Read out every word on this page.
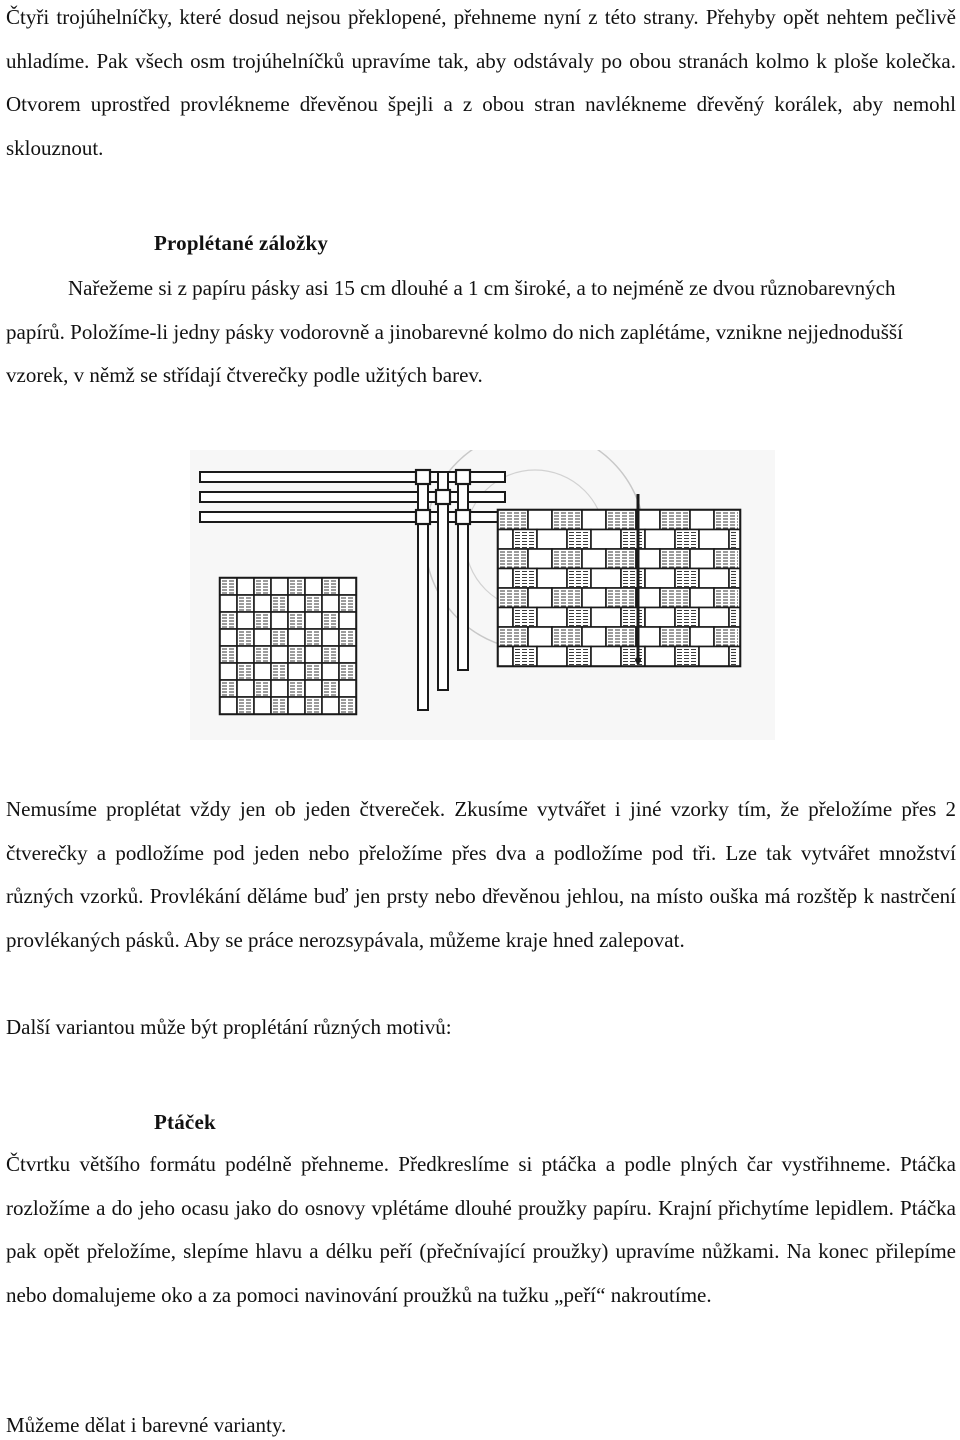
Čtyři trojúhelníčky, které dosud nejsou překlopené, přehneme nyní z této strany. Přehyby opět nehtem pečlivě uhladíme. Pak všech osm trojúhelníčků upravíme tak, aby odstávaly po obou stranách kolmo k ploše kolečka. Otvorem uprostřed provlékneme dřevěnou špejli a z obou stran navlékneme dřevěný korálek, aby nemohl sklouznout.

Proplétané záložky

Nařežeme si z papíru pásky asi 15 cm dlouhé a 1 cm široké, a to nejméně ze dvou různobarevných papírů. Položíme-li jedny pásky vodorovně a jinobarevné kolmo do nich zaplétáme, vznikne nejjednodušší vzorek, v němž se střídají čtverečky podle užitých barev.

Nemusíme proplétat vždy jen ob jeden čtvereček. Zkusíme vytvářet i jiné vzorky tím, že přeložíme přes 2 čtverečky a podložíme pod jeden nebo přeložíme přes dva a podložíme pod tři. Lze tak vytvářet množství různých vzorků. Provlékání děláme buď jen prsty nebo dřevěnou jehlou, na místo ouška má rozštěp k nastrčení provlékaných pásků. Aby se práce nerozsypávala, můžeme kraje hned zalepovat.

Další variantou může být proplétání různých motivů:

Ptáček

Čtvrtku většího formátu podélně přehneme. Předkreslíme si ptáčka a podle plných čar vystřihneme. Ptáčka rozložíme a do jeho ocasu jako do osnovy vplétáme dlouhé proužky papíru. Krajní přichytíme lepidlem. Ptáčka pak opět přeložíme, slepíme hlavu a délku peří (přečnívající proužky) upravíme nůžkami. Na konec přilepíme nebo domalujeme oko a za pomoci navinování proužků na tužku „peří“ nakroutíme.

Můžeme dělat i barevné varianty.
